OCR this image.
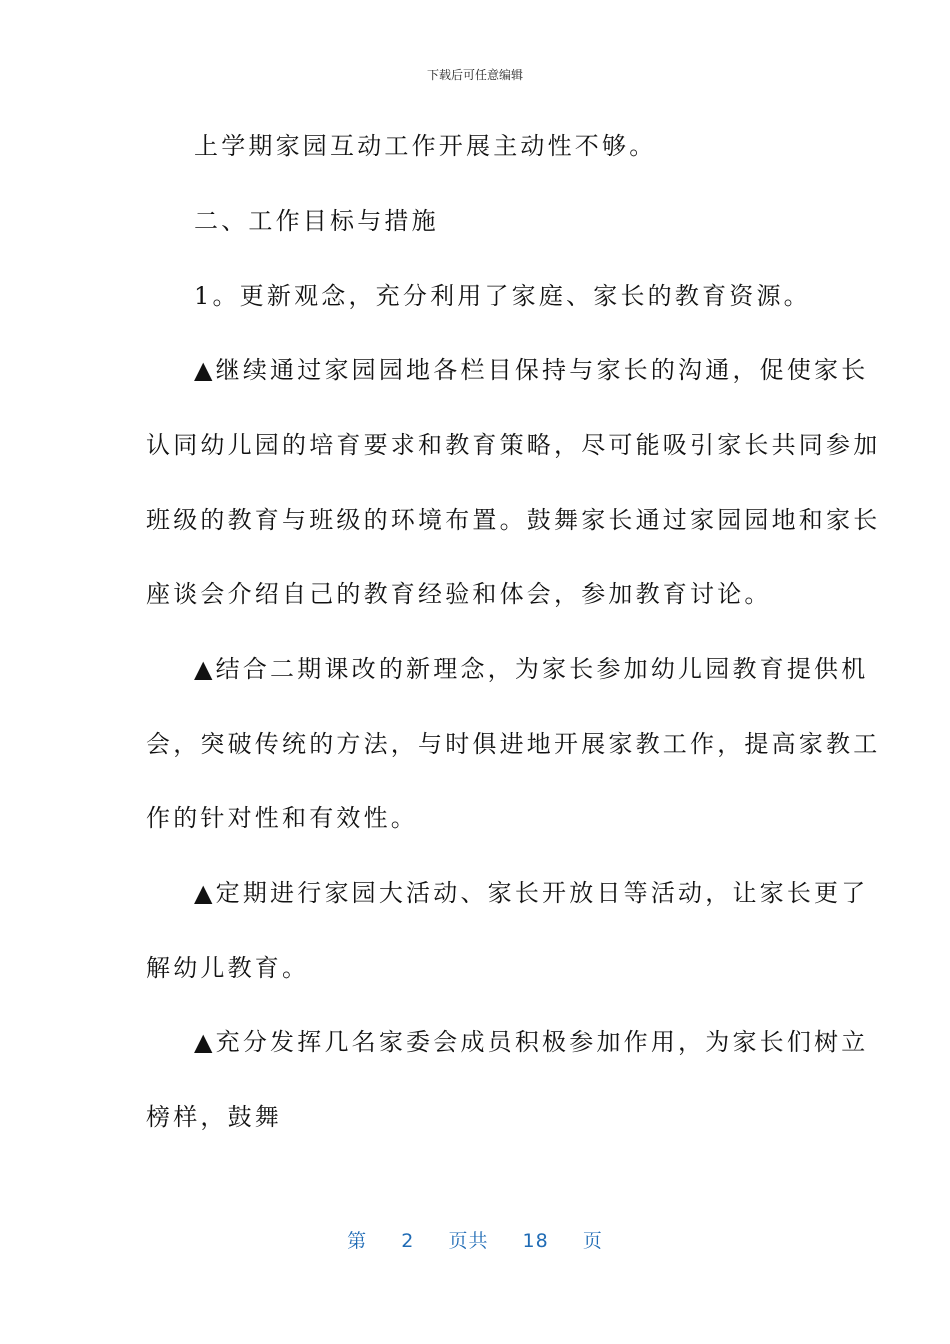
下载后可任意编辑
上学期家园互动工作开展主动性不够。
二、工作目标与措施
1。更新观念，充分利用了家庭、家长的教育资源。
▲继续通过家园园地各栏目保持与家长的沟通，促使家长
认同幼儿园的培育要求和教育策略，尽可能吸引家长共同参加
班级的教育与班级的环境布置。鼓舞家长通过家园园地和家长
座谈会介绍自己的教育经验和体会，参加教育讨论。
▲结合二期课改的新理念，为家长参加幼儿园教育提供机
会，突破传统的方法，与时俱进地开展家教工作，提高家教工
作的针对性和有效性。
▲定期进行家园大活动、家长开放日等活动，让家长更了
解幼儿教育。
▲充分发挥几名家委会成员积极参加作用，为家长们树立
榜样，鼓舞
第 2 页共 18 页
